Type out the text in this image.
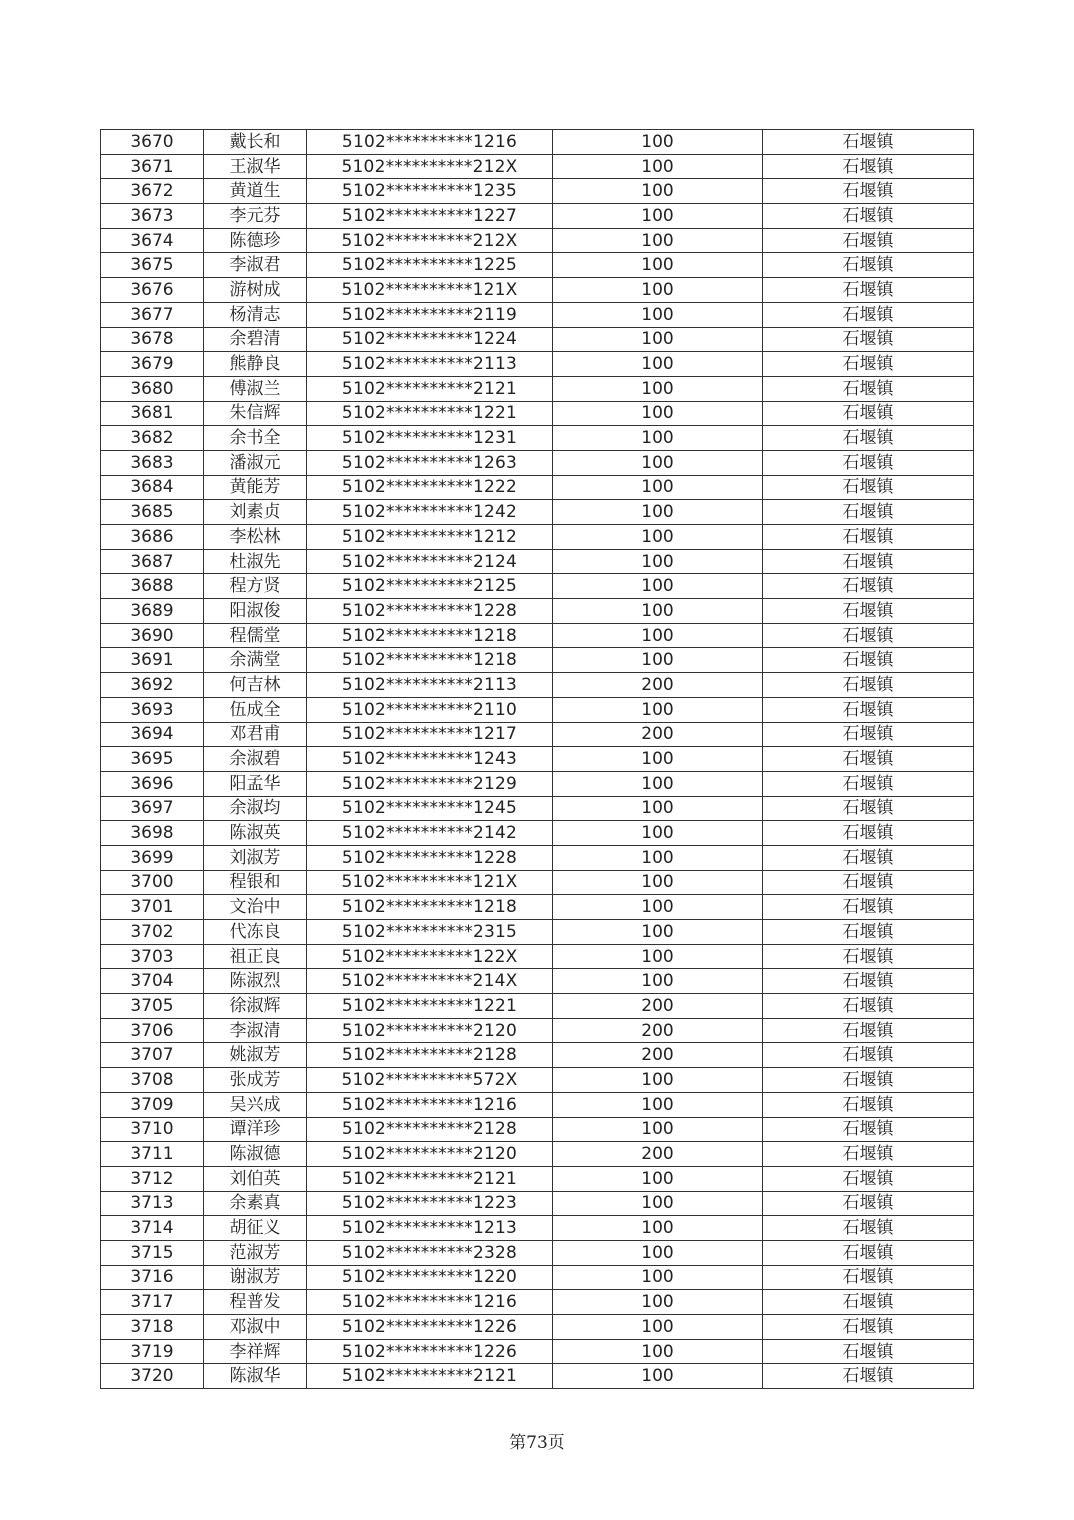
3670	戴长和	5102**********1216	100	石堰镇
3671	王淑华	5102**********212X	100	石堰镇
3672	黄道生	5102**********1235	100	石堰镇
3673	李元芬	5102**********1227	100	石堰镇
3674	陈德珍	5102**********212X	100	石堰镇
3675	李淑君	5102**********1225	100	石堰镇
3676	游树成	5102**********121X	100	石堰镇
3677	杨清志	5102**********2119	100	石堰镇
3678	余碧清	5102**********1224	100	石堰镇
3679	熊静良	5102**********2113	100	石堰镇
3680	傅淑兰	5102**********2121	100	石堰镇
3681	朱信辉	5102**********1221	100	石堰镇
3682	余书全	5102**********1231	100	石堰镇
3683	潘淑元	5102**********1263	100	石堰镇
3684	黄能芳	5102**********1222	100	石堰镇
3685	刘素贞	5102**********1242	100	石堰镇
3686	李松林	5102**********1212	100	石堰镇
3687	杜淑先	5102**********2124	100	石堰镇
3688	程方贤	5102**********2125	100	石堰镇
3689	阳淑俊	5102**********1228	100	石堰镇
3690	程儒堂	5102**********1218	100	石堰镇
3691	余满堂	5102**********1218	100	石堰镇
3692	何吉林	5102**********2113	200	石堰镇
3693	伍成全	5102**********2110	100	石堰镇
3694	邓君甫	5102**********1217	200	石堰镇
3695	余淑碧	5102**********1243	100	石堰镇
3696	阳孟华	5102**********2129	100	石堰镇
3697	余淑均	5102**********1245	100	石堰镇
3698	陈淑英	5102**********2142	100	石堰镇
3699	刘淑芳	5102**********1228	100	石堰镇
3700	程银和	5102**********121X	100	石堰镇
3701	文治中	5102**********1218	100	石堰镇
3702	代冻良	5102**********2315	100	石堰镇
3703	祖正良	5102**********122X	100	石堰镇
3704	陈淑烈	5102**********214X	100	石堰镇
3705	徐淑辉	5102**********1221	200	石堰镇
3706	李淑清	5102**********2120	200	石堰镇
3707	姚淑芳	5102**********2128	200	石堰镇
3708	张成芳	5102**********572X	100	石堰镇
3709	吴兴成	5102**********1216	100	石堰镇
3710	谭洋珍	5102**********2128	100	石堰镇
3711	陈淑德	5102**********2120	200	石堰镇
3712	刘伯英	5102**********2121	100	石堰镇
3713	余素真	5102**********1223	100	石堰镇
3714	胡征义	5102**********1213	100	石堰镇
3715	范淑芳	5102**********2328	100	石堰镇
3716	谢淑芳	5102**********1220	100	石堰镇
3717	程普发	5102**********1216	100	石堰镇
3718	邓淑中	5102**********1226	100	石堰镇
3719	李祥辉	5102**********1226	100	石堰镇
3720	陈淑华	5102**********2121	100	石堰镇
第73页
